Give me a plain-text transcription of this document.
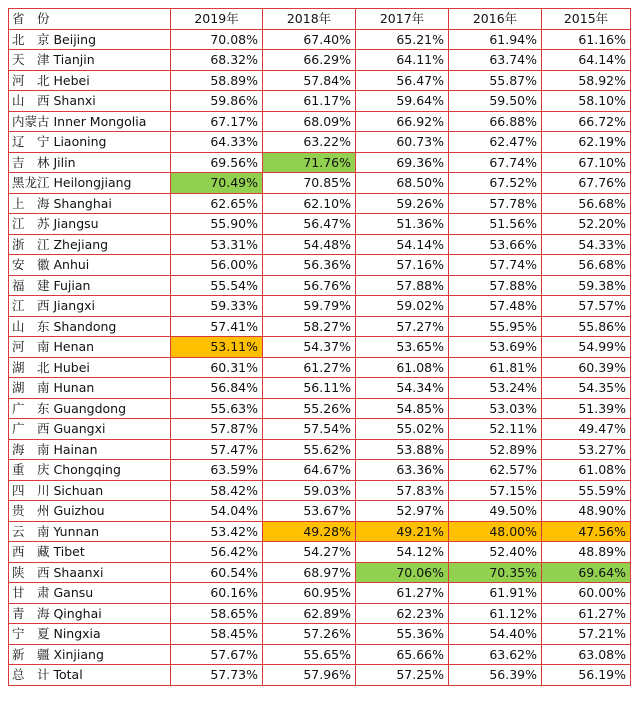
省　份	2019年	2018年	2017年	2016年	2015年
北　京 Beijing	70.08%	67.40%	65.21%	61.94%	61.16%
天　津 Tianjin	68.32%	66.29%	64.11%	63.74%	64.14%
河　北 Hebei	58.89%	57.84%	56.47%	55.87%	58.92%
山　西 Shanxi	59.86%	61.17%	59.64%	59.50%	58.10%
内蒙古 Inner Mongolia	67.17%	68.09%	66.92%	66.88%	66.72%
辽　宁 Liaoning	64.33%	63.22%	60.73%	62.47%	62.19%
吉　林 Jilin	69.56%	71.76%	69.36%	67.74%	67.10%
黑龙江 Heilongjiang	70.49%	70.85%	68.50%	67.52%	67.76%
上　海 Shanghai	62.65%	62.10%	59.26%	57.78%	56.68%
江　苏 Jiangsu	55.90%	56.47%	51.36%	51.56%	52.20%
浙　江 Zhejiang	53.31%	54.48%	54.14%	53.66%	54.33%
安　徽 Anhui	56.00%	56.36%	57.16%	57.74%	56.68%
福　建 Fujian	55.54%	56.76%	57.88%	57.88%	59.38%
江　西 Jiangxi	59.33%	59.79%	59.02%	57.48%	57.57%
山　东 Shandong	57.41%	58.27%	57.27%	55.95%	55.86%
河　南 Henan	53.11%	54.37%	53.65%	53.69%	54.99%
湖　北 Hubei	60.31%	61.27%	61.08%	61.81%	60.39%
湖　南 Hunan	56.84%	56.11%	54.34%	53.24%	54.35%
广　东 Guangdong	55.63%	55.26%	54.85%	53.03%	51.39%
广　西 Guangxi	57.87%	57.54%	55.02%	52.11%	49.47%
海　南 Hainan	57.47%	55.62%	53.88%	52.89%	53.27%
重　庆 Chongqing	63.59%	64.67%	63.36%	62.57%	61.08%
四　川 Sichuan	58.42%	59.03%	57.83%	57.15%	55.59%
贵　州 Guizhou	54.04%	53.67%	52.97%	49.50%	48.90%
云　南 Yunnan	53.42%	49.28%	49.21%	48.00%	47.56%
西　藏 Tibet	56.42%	54.27%	54.12%	52.40%	48.89%
陕　西 Shaanxi	60.54%	68.97%	70.06%	70.35%	69.64%
甘　肃 Gansu	60.16%	60.95%	61.27%	61.91%	60.00%
青　海 Qinghai	58.65%	62.89%	62.23%	61.12%	61.27%
宁　夏 Ningxia	58.45%	57.26%	55.36%	54.40%	57.21%
新　疆 Xinjiang	57.67%	55.65%	65.66%	63.62%	63.08%
总　计 Total	57.73%	57.96%	57.25%	56.39%	56.19%
